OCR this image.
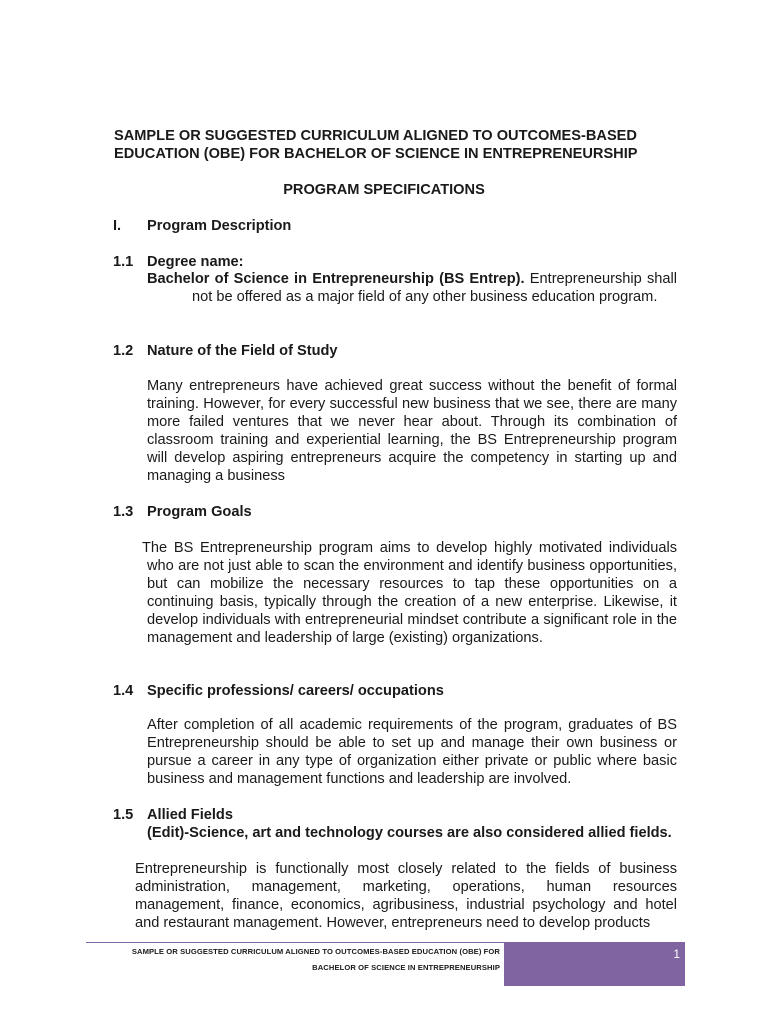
SAMPLE OR SUGGESTED CURRICULUM ALIGNED TO OUTCOMES-BASED
EDUCATION (OBE) FOR BACHELOR OF SCIENCE IN ENTREPRENEURSHIP
PROGRAM SPECIFICATIONS
I. Program Description
1.1 Degree name:
Bachelor of Science in Entrepreneurship (BS Entrep). Entrepreneurship shall not be offered as a major field of any other business education program.
1.2 Nature of the Field of Study
Many entrepreneurs have achieved great success without the benefit of formal training. However, for every successful new business that we see, there are many more failed ventures that we never hear about. Through its combination of classroom training and experiential learning, the BS Entrepreneurship program will develop aspiring entrepreneurs acquire the competency in starting up and managing a business
1.3 Program Goals
The BS Entrepreneurship program aims to develop highly motivated individuals who are not just able to scan the environment and identify business opportunities, but can mobilize the necessary resources to tap these opportunities on a continuing basis, typically through the creation of a new enterprise. Likewise, it develop individuals with entrepreneurial mindset contribute a significant role in the management and leadership of large (existing) organizations.
1.4 Specific professions/ careers/ occupations
After completion of all academic requirements of the program, graduates of BS Entrepreneurship should be able to set up and manage their own business or pursue a career in any type of organization either private or public where basic business and management functions and leadership are involved.
1.5 Allied Fields
(Edit)-Science, art and technology courses are also considered allied fields.
Entrepreneurship is functionally most closely related to the fields of business administration, management, marketing, operations, human resources management, finance, economics, agribusiness, industrial psychology and hotel and restaurant management. However, entrepreneurs need to develop products
SAMPLE OR SUGGESTED CURRICULUM ALIGNED TO OUTCOMES-BASED EDUCATION (OBE) FOR
BACHELOR OF SCIENCE IN ENTREPRENEURSHIP
1
